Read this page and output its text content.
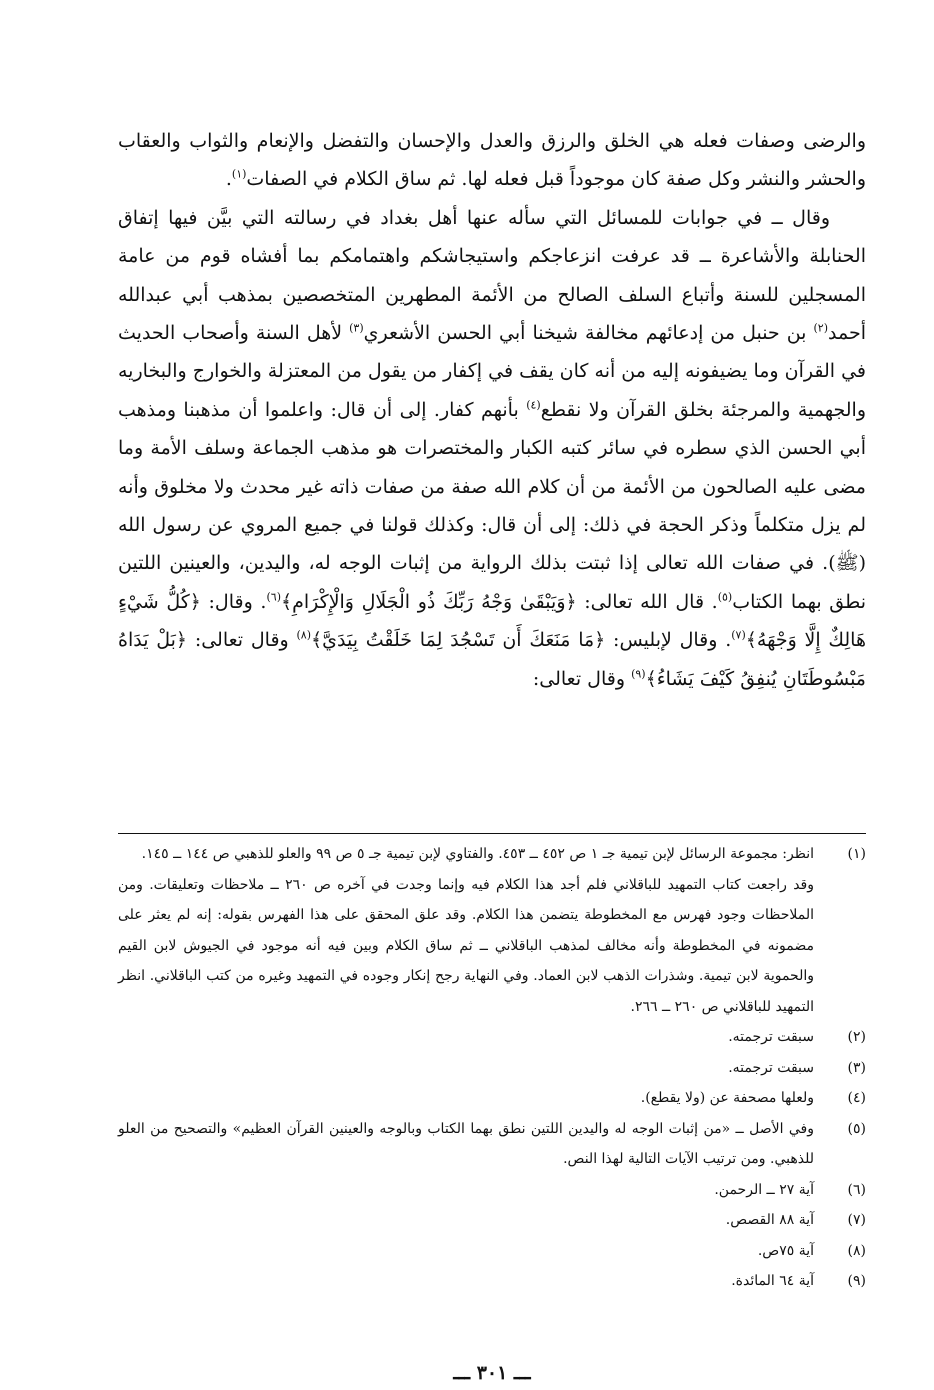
والرضى وصفات فعله هي الخلق والرزق والعدل والإحسان والتفضل والإنعام والثواب والعقاب والحشر والنشر وكل صفة كان موجوداً قبل فعله لها. ثم ساق الكلام في الصفات$^{(١)}$.

وقال ــ في جوابات للمسائل التي سأله عنها أهل بغداد في رسالته التي بيَّن فيها إتفاق الحنابلة والأشاعرة ــ قد عرفت انزعاجكم واستيجاشكم واهتمامكم بما أفشاه قوم من عامة المسجلين للسنة وأتباع السلف الصالح من الأئمة المطهرين المتخصصين بمذهب أبي عبدالله أحمد$^{(٢)}$ بن حنبل من إدعائهم مخالفة شيخنا أبي الحسن الأشعري$^{(٣)}$ لأهل السنة وأصحاب الحديث في القرآن وما يضيفونه إليه من أنه كان يقف في إكفار من يقول من المعتزلة والخوارج والبخاريه والجهمية والمرجئة بخلق القرآن ولا نقطع$^{(٤)}$ بأنهم كفار. إلى أن قال: واعلموا أن مذهبنا ومذهب أبي الحسن الذي سطره في سائر كتبه الكبار والمختصرات هو مذهب الجماعة وسلف الأمة وما مضى عليه الصالحون من الأئمة من أن كلام الله صفة من صفات ذاته غير محدث ولا مخلوق وأنه لم يزل متكلماً وذكر الحجة في ذلك: إلى أن قال: وكذلك قولنا في جميع المروي عن رسول الله (ﷺ). في صفات الله تعالى إذا ثبتت بذلك الرواية من إثبات الوجه له، واليدين، والعينين اللتين نطق بهما الكتاب$^{(٥)}$. قال الله تعالى: ﴿وَيَبْقَىٰ وَجْهُ رَبِّكَ ذُو الْجَلَالِ وَالْإِكْرَامِ﴾$^{(٦)}$. وقال: ﴿كُلُّ شَيْءٍ هَالِكٌ إِلَّا وَجْهَهُ﴾$^{(٧)}$. وقال لإبليس: ﴿مَا مَنَعَكَ أَن تَسْجُدَ لِمَا خَلَقْتُ بِيَدَيَّ﴾$^{(٨)}$ وقال تعالى: ﴿بَلْ يَدَاهُ مَبْسُوطَتَانِ يُنفِقُ كَيْفَ يَشَاءُ﴾$^{(٩)}$ وقال تعالى:

(١)
انظر: مجموعة الرسائل لإبن تيمية جـ ١ ص ٤٥٢ ــ ٤٥٣. والفتاوي لإبن تيمية جـ ٥ ص ٩٩ والعلو للذهبي ص ١٤٤ ــ ١٤٥.
وقد راجعت كتاب التمهيد للباقلاني فلم أجد هذا الكلام فيه وإنما وجدت في آخره ص ٢٦٠ ــ ملاحظات وتعليقات. ومن الملاحظات وجود فهرس مع المخطوطة يتضمن هذا الكلام. وقد علق المحقق على هذا الفهرس بقوله: إنه لم يعثر على مضمونه في المخطوطة وأنه مخالف لمذهب الباقلاني ــ ثم ساق الكلام وبين فيه أنه موجود في الجيوش لابن القيم والحموية لابن تيمية. وشذرات الذهب لابن العماد. وفي النهاية رجح إنكار وجوده في التمهيد وغيره من كتب الباقلاني. انظر التمهيد للباقلاني ص ٢٦٠ ــ ٢٦٦.
(٢)
سبقت ترجمته.
(٣)
سبقت ترجمته.
(٤)
ولعلها مصحفة عن (ولا يقطع).
(٥)
وفي الأصل ــ «من إثبات الوجه له واليدين اللتين نطق بهما الكتاب وبالوجه والعينين القرآن العظيم» والتصحيح من العلو للذهبي. ومن ترتيب الآيات التالية لهذا النص.
(٦)
آية ٢٧ ــ الرحمن.
(٧)
آية ٨٨ القصص.
(٨)
آية ٧٥ص.
(٩)
آية ٦٤ المائدة.
ـــ ٣٠١ ـــ
